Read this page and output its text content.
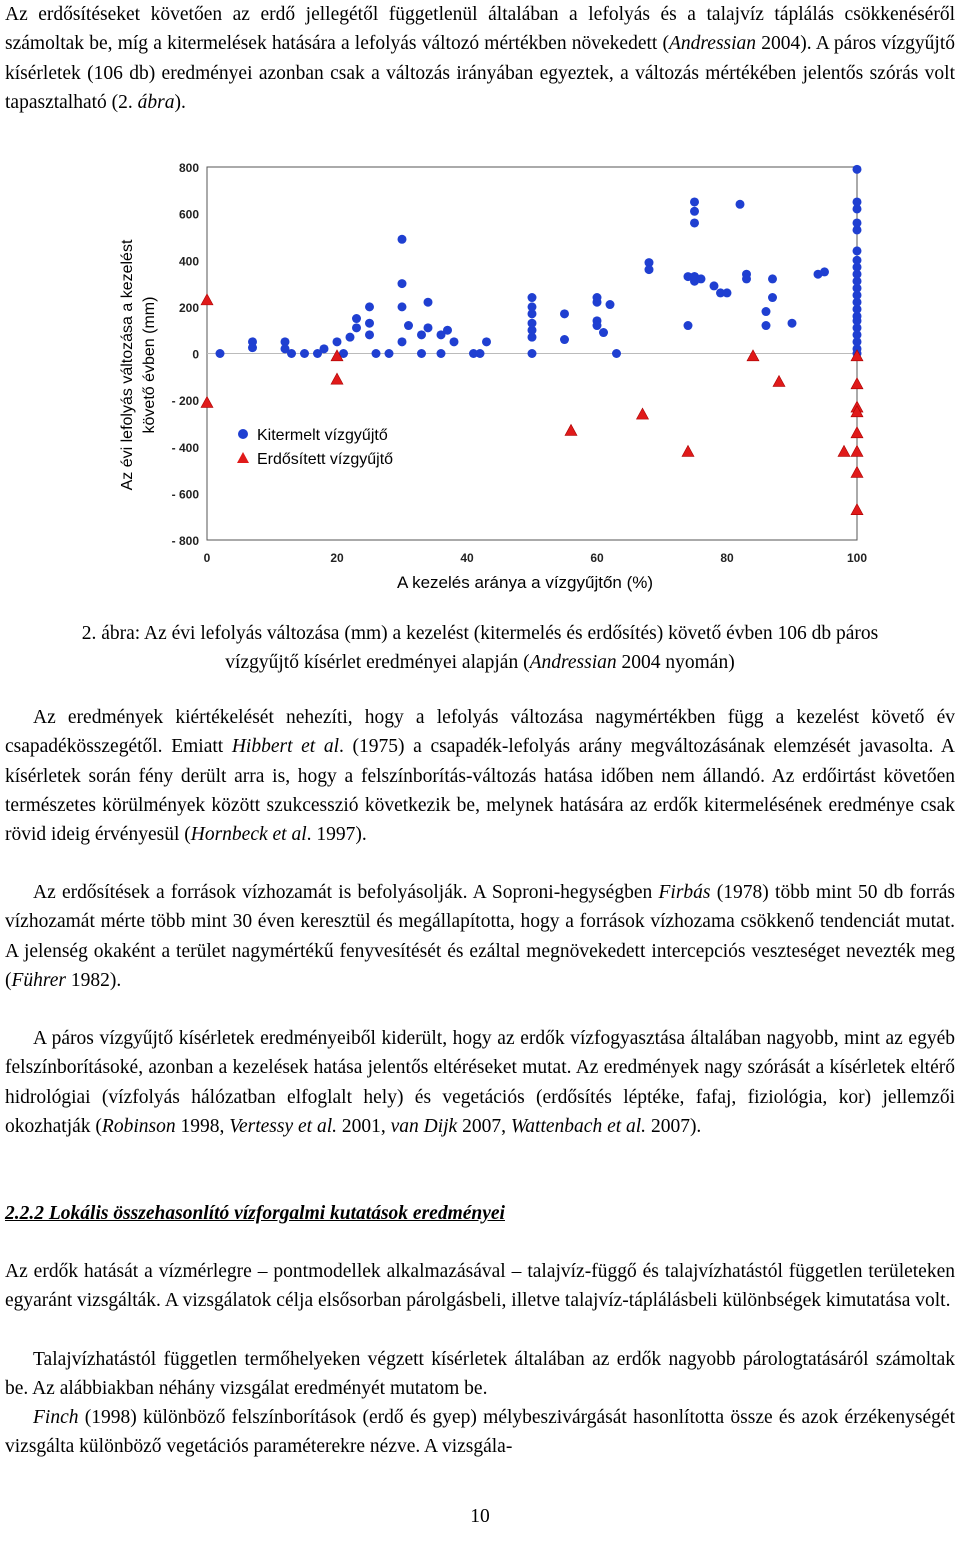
Az erdősítéseket követően az erdő jellegétől függetlenül általában a lefolyás és a talajvíz táplálás csökkenéséről számoltak be, míg a kitermelések hatására a lefolyás változó mértékben növekedett (Andressian 2004). A páros vízgyűjtő kísérletek (106 db) eredményei azonban csak a változás irányában egyeztek, a változás mértékében jelentős szórás volt tapasztalható (2. ábra).

- 800
- 600
- 400
- 200
0
200
400
600
800
0	20	40	60	80	100
A kezelés aránya a vízgyűjtőn (%)
Az évi lefolyás változása a kezelést követő évben (mm)
Kitermelt vízgyűjtő
Erdősített vízgyűjtő

2. ábra: Az évi lefolyás változása (mm) a kezelést (kitermelés és erdősítés) követő évben 106 db páros vízgyűjtő kísérlet eredményei alapján (Andressian 2004 nyomán)

Az eredmények kiértékelését nehezíti, hogy a lefolyás változása nagymértékben függ a kezelést követő év csapadékösszegétől. Emiatt Hibbert et al. (1975) a csapadék-lefolyás arány megváltozásának elemzését javasolta. A kísérletek során fény derült arra is, hogy a felszínborítás-változás hatása időben nem állandó. Az erdőirtást követően természetes körülmények között szukcesszió következik be, melynek hatására az erdők kitermelésének eredménye csak rövid ideig érvényesül (Hornbeck et al. 1997).

Az erdősítések a források vízhozamát is befolyásolják. A Soproni-hegységben Firbás (1978) több mint 50 db forrás vízhozamát mérte több mint 30 éven keresztül és megállapította, hogy a források vízhozama csökkenő tendenciát mutat. A jelenség okaként a terület nagymértékű fenyvesítését és ezáltal megnövekedett intercepciós veszteséget nevezték meg (Führer 1982).

A páros vízgyűjtő kísérletek eredményeiből kiderült, hogy az erdők vízfogyasztása általában nagyobb, mint az egyéb felszínborításoké, azonban a kezelések hatása jelentős eltéréseket mutat. Az eredmények nagy szórását a kísérletek eltérő hidrológiai (vízfolyás hálózatban elfoglalt hely) és vegetációs (erdősítés léptéke, fafaj, fiziológia, kor) jellemzői okozhatják (Robinson 1998, Vertessy et al. 2001, van Dijk 2007, Wattenbach et al. 2007).

2.2.2 Lokális összehasonlító vízforgalmi kutatások eredményei

Az erdők hatását a vízmérlegre – pontmodellek alkalmazásával – talajvíz-függő és talajvízhatástól független területeken egyaránt vizsgálták. A vizsgálatok célja elsősorban párolgásbeli, illetve talajvíz-táplálásbeli különbségek kimutatása volt.

Talajvízhatástól független termőhelyeken végzett kísérletek általában az erdők nagyobb párologtatásáról számoltak be. Az alábbiakban néhány vizsgálat eredményét mutatom be.

Finch (1998) különböző felszínborítások (erdő és gyep) mélybeszivárgását hasonlította össze és azok érzékenységét vizsgálta különböző vegetációs paraméterekre nézve. A vizsgála-

10
